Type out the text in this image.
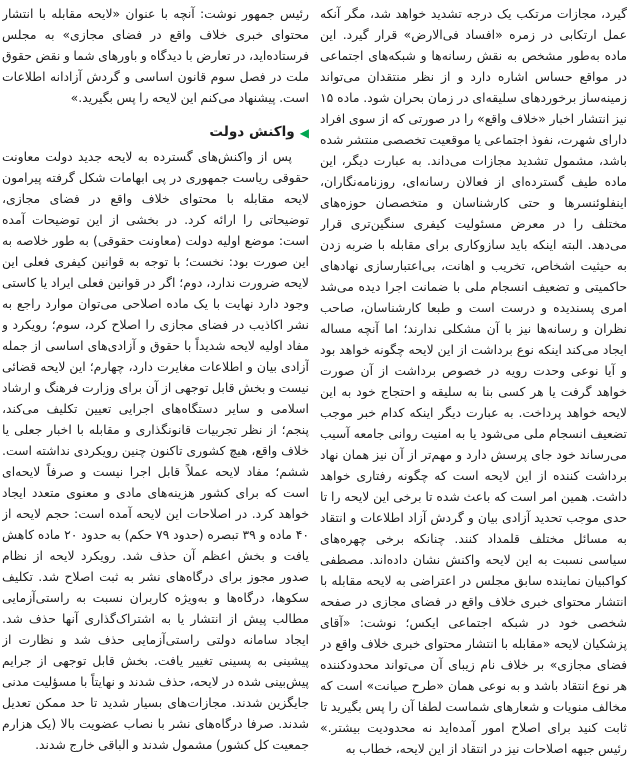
گیرد، مجازات مرتکب یک درجه تشدید خواهد شد، مگر آنکه عمل ارتکابی در زمره «افساد فی‌الارض» قرار گیرد. این ماده به‌طور مشخص به نقش رسانه‌ها و شبکه‌های اجتماعی در مواقع حساس اشاره دارد و از نظر منتقدان می‌تواند زمینه‌ساز برخوردهای سلیقه‌ای در زمان بحران شود. ماده ۱۵ نیز انتشار اخبار «خلاف واقع» را در صورتی که از سوی افراد دارای شهرت، نفوذ اجتماعی یا موقعیت تخصصی منتشر شده باشد، مشمول تشدید مجازات می‌داند. به عبارت دیگر، این ماده طیف گسترده‌ای از فعالان رسانه‌ای، روزنامه‌نگاران، اینفلوئنسرها و حتی کارشناسان و متخصصان حوزه‌های مختلف را در معرض مسئولیت کیفری سنگین‌تری قرار می‌دهد. البته اینکه باید سازوکاری برای مقابله با ضربه زدن به حیثیت اشخاص، تخریب و اهانت، بی‌اعتبارسازی نهادهای حاکمیتی و تضعیف انسجام ملی با ضمانت اجرا دیده می‌شد امری پسندیده و درست است و طبعا کارشناسان، صاحب نظران و رسانه‌ها نیز با آن مشکلی ندارند؛ اما آنچه مساله ایجاد می‌کند اینکه نوع برداشت از این لایحه چگونه خواهد بود و آیا نوعی وحدت رویه در خصوص برداشت از آن صورت خواهد گرفت یا هر کسی بنا به سلیقه و احتجاج خود به این لایحه خواهد پرداخت. به عبارت دیگر اینکه کدام خبر موجب تضعیف انسجام ملی می‌شود یا به امنیت روانی جامعه آسیب می‌رساند خود جای پرسش دارد و مهم‌تر از آن نیز همان نهاد برداشت کننده از این لایحه است که چگونه رفتاری خواهد داشت. همین امر است که باعث شده تا برخی این لایحه را تا حدی موجب تحدید آزادی بیان و گردش آزاد اطلاعات و انتقاد به مسائل مختلف قلمداد کنند. چنانکه برخی چهره‌های سیاسی نسبت به این لایحه واکنش نشان داده‌اند. مصطفی کواکبیان نماینده سابق مجلس در اعتراضی به لایحه مقابله با انتشار محتوای خبری خلاف واقع در فضای مجازی در صفحه شخصی خود در شبکه اجتماعی ایکس؛ نوشت: «آقای پزشکیان لایحه «مقابله با انتشار محتوای خبری خلاف واقع در فضای مجازی» بر خلاف نام زیبای آن می‌تواند محدودکننده هر نوع انتقاد باشد و به نوعی همان «طرح صیانت» است که مخالف منویات و شعارهای شماست لطفا آن را پس بگیرید تا ثابت کنید برای اصلاح امور آمده‌اید نه محدودیت بیشتر.» رئیس جبهه اصلاحات نیز در انتقاد از این لایحه، خطاب به

رئیس جمهور نوشت: آنچه با عنوان «لایحه مقابله با انتشار محتوای خبری خلاف واقع در فضای مجازی» به مجلس فرستاده‌اید، در تعارض با دیدگاه و باورهای شما و نقض حقوق ملت در فصل سوم قانون اساسی و گردش آزادانه اطلاعات است. پیشنهاد می‌کنم این لایحه را پس بگیرید.»

◀
واکنش دولت

پس از واکنش‌های گسترده به لایحه جدید دولت معاونت حقوقی ریاست جمهوری در پی ابهامات شکل گرفته پیرامون لایحه مقابله با محتوای خلاف واقع در فضای مجازی، توضیحاتی را ارائه کرد. در بخشی از این توضیحات آمده است: موضع اولیه دولت (معاونت حقوقی) به طور خلاصه به این صورت بود: نخست؛ با توجه به قوانین کیفری فعلی این لایحه ضرورت ندارد، دوم؛ اگر در قوانین فعلی ایراد یا کاستی وجود دارد نهایت با یک ماده اصلاحی می‌توان موارد راجع به نشر اکاذیب در فضای مجازی را اصلاح کرد، سوم؛ رویکرد و مفاد اولیه لایحه شدیداً با حقوق و آزادی‌های اساسی از جمله آزادی بیان و اطلاعات مغایرت دارد، چهارم؛ این لایحه قضائی نیست و بخش قابل توجهی از آن برای وزارت فرهنگ و ارشاد اسلامی و سایر دستگاه‌های اجرایی تعیین تکلیف می‌کند، پنجم؛ از نظر تجربیات قانونگذاری و مقابله با اخبار جعلی یا خلاف واقع، هیچ کشوری تاکنون چنین رویکردی نداشته است. ششم؛ مفاد لایحه عملاً قابل اجرا نیست و صرفاً لایحه‌ای است که برای کشور هزینه‌های مادی و معنوی متعدد ایجاد خواهد کرد. در اصلاحات این لایحه آمده است: حجم لایحه از ۴۰ ماده و ۳۹ تبصره (حدود ۷۹ حکم) به حدود ۲۰ ماده کاهش یافت و بخش اعظم آن حذف شد. رویکرد لایحه از نظام صدور مجوز برای درگاه‌های نشر به ثبت اصلاح شد. تکلیف سکوها، درگاه‌ها و به‌ویژه کاربران نسبت به راستی‌آزمایی مطالب پیش از انتشار یا به اشتراک‌گذاری آنها حذف شد. ایجاد سامانه دولتی راستی‌آزمایی حذف شد و نظارت از پیشینی به پسینی تغییر یافت. بخش قابل توجهی از جرایم پیش‌بینی شده در لایحه، حذف شدند و نهایتاً با مسؤلیت مدنی جایگزین شدند. مجازات‌های بسیار شدید تا حد ممکن تعدیل شدند. صرفا درگاه‌های نشر با نصاب عضویت بالا (یک هزارم جمعیت کل کشور) مشمول شدند و الباقی خارج شدند.
